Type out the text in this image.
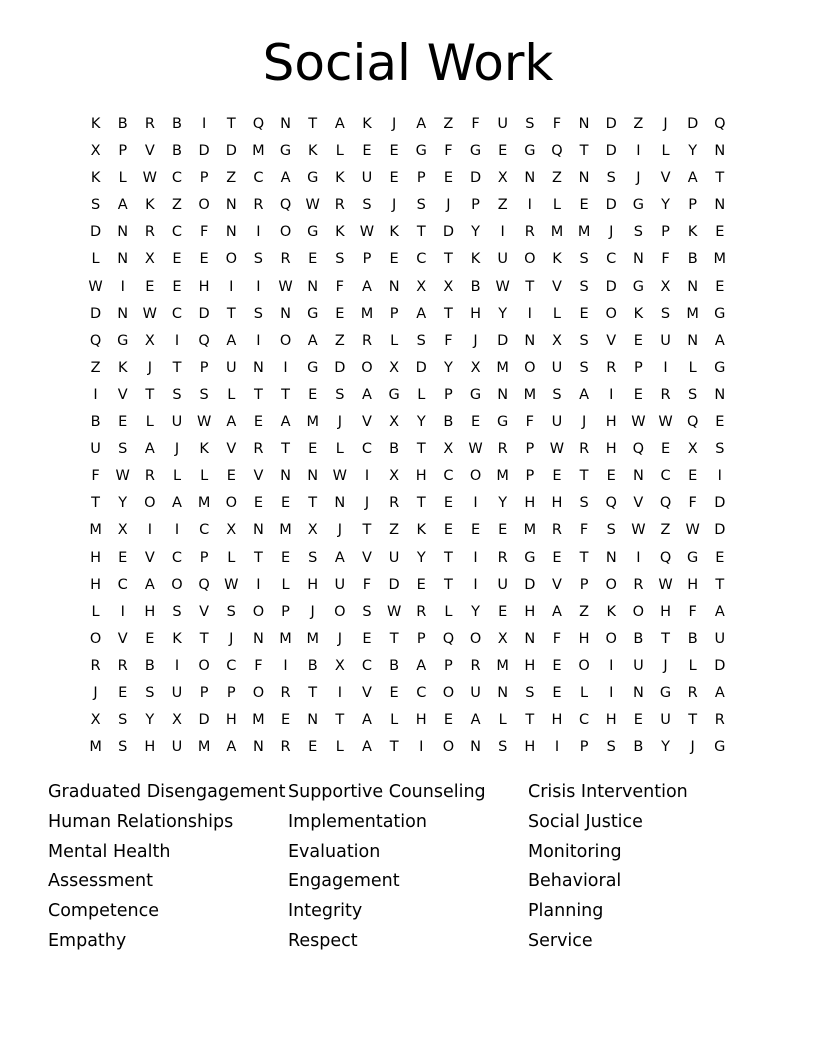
Social Work
K	B	R	B	I	T	Q	N	T	A	K	J	A	Z	F	U	S	F	N	D	Z	J	D	Q
X	P	V	B	D	D	M	G	K	L	E	E	G	F	G	E	G	Q	T	D	I	L	Y	N
K	L	W	C	P	Z	C	A	G	K	U	E	P	E	D	X	N	Z	N	S	J	V	A	T
S	A	K	Z	O	N	R	Q W	R	S	J	S	J	P	Z	I	L	E	D	G	Y	P	N
D	N	R	C	F	N	I	O	G	K	W	K	T	D	Y	I	R	M	M	J	S	P	K	E
L	N	X	E	E	O	S	R	E	S	P	E	C	T	K	U	O	K	S	C	N	F	B	M
W	I	E	E	H	I	I	W	N	F	A	N	X	X	B	W	T	V	S	D	G	X	N	E
D	N	W	C	D	T	S	N	G	E	M	P	A	T	H	Y	I	L	E	O	K	S	M	G
Q	G	X	I	Q	A	I	O	A	Z	R	L	S	F	J	D	N	X	S	V	E	U	N	A
Z	K	J	T	P	U	N	I	G	D	O	X	D	Y	X	M	O	U	S	R	P	I	L	G
I	V	T	S	S	L	T	T	E	S	A	G	L	P	G	N	M	S	A	I	E	R	S	N
B	E	L	U	W	A	E	A	M	J	V	X	Y	B	E	G	F	U	J	H	W W Q	E
U	S	A	J	K	V	R	T	E	L	C	B	T	X	W	R	P	W	R	H	Q	E	X	S
F	W	R	L	L	E	V	N	N	W	I	X	H	C	O	M	P	E	T	E	N	C	E	I
T	Y	O	A	M	O	E	E	T	N	J	R	T	E	I	Y	H	H	S	Q	V	Q	F	D
M	X	I	I	C	X	N	M	X	J	T	Z	K	E	E	E	M	R	F	S	W	Z	W D
H	E	V	C	P	L	T	E	S	A	V	U	Y	T	I	R	G	E	T	N	I	Q	G	E
H	C	A	O	Q W	I	L	H	U	F	D	E	T	I	U	D	V	P	O	R	W	H	T
L	I	H	S	V	S	O	P	J	O	S	W	R	L	Y	E	H	A	Z	K	O	H	F	A
O	V	E	K	T	J	N	M	M	J	E	T	P	Q	O	X	N	F	H	O	B	T	B	U
R	R	B	I	O	C	F	I	B	X	C	B	A	P	R	M	H	E	O	I	U	J	L	D
J	E	S	U	P	P	O	R	T	I	V	E	C	O	U	N	S	E	L	I	N	G	R	A
X	S	Y	X	D	H	M	E	N	T	A	L	H	E	A	L	T	H	C	H	E	U	T	R
M	S	H	U	M	A	N	R	E	L	A	T	I	O	N	S	H	I	P	S	B	Y	J	G
Graduated Disengagement
Human Relationships
Mental Health
Assessment
Competence
Empathy
Supportive Counseling
Implementation
Evaluation
Engagement
Integrity
Respect
Crisis Intervention
Social Justice
Monitoring
Behavioral
Planning
Service
